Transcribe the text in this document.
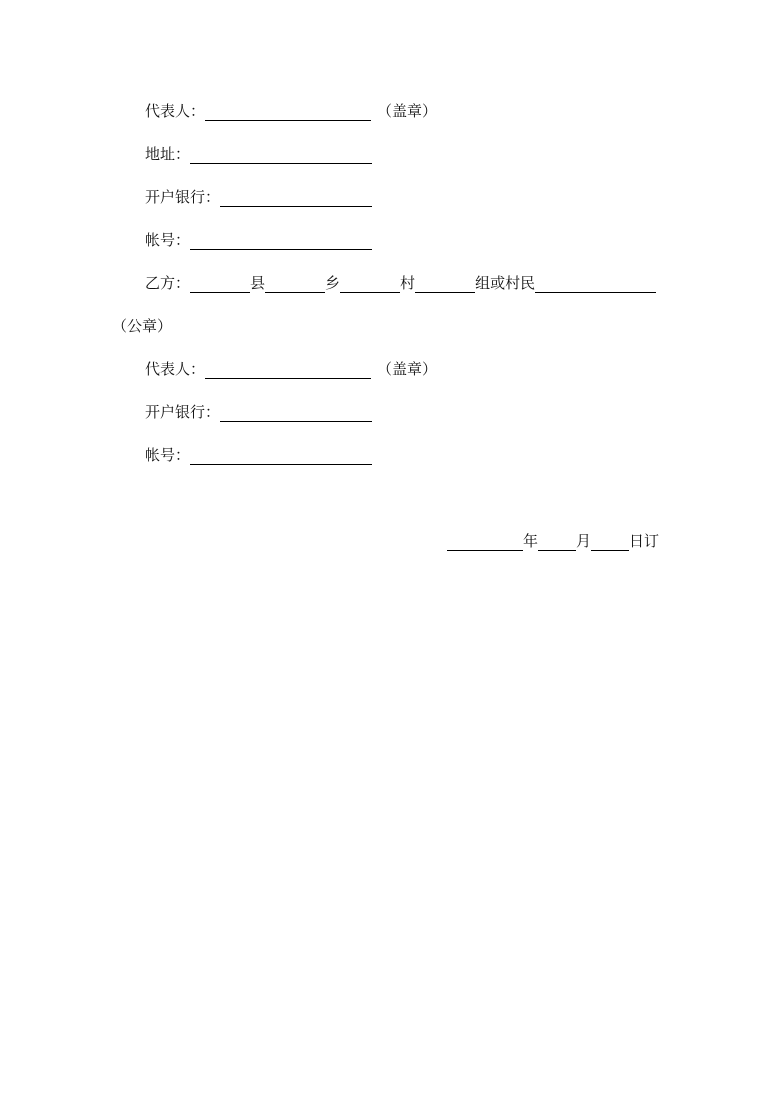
代表人：	（盖章）
地址：
开户银行：
帐号：
乙方：	县	乡	村	组或村民
（公章）
代表人：	（盖章）
开户银行：
帐号：
年	月	日订
